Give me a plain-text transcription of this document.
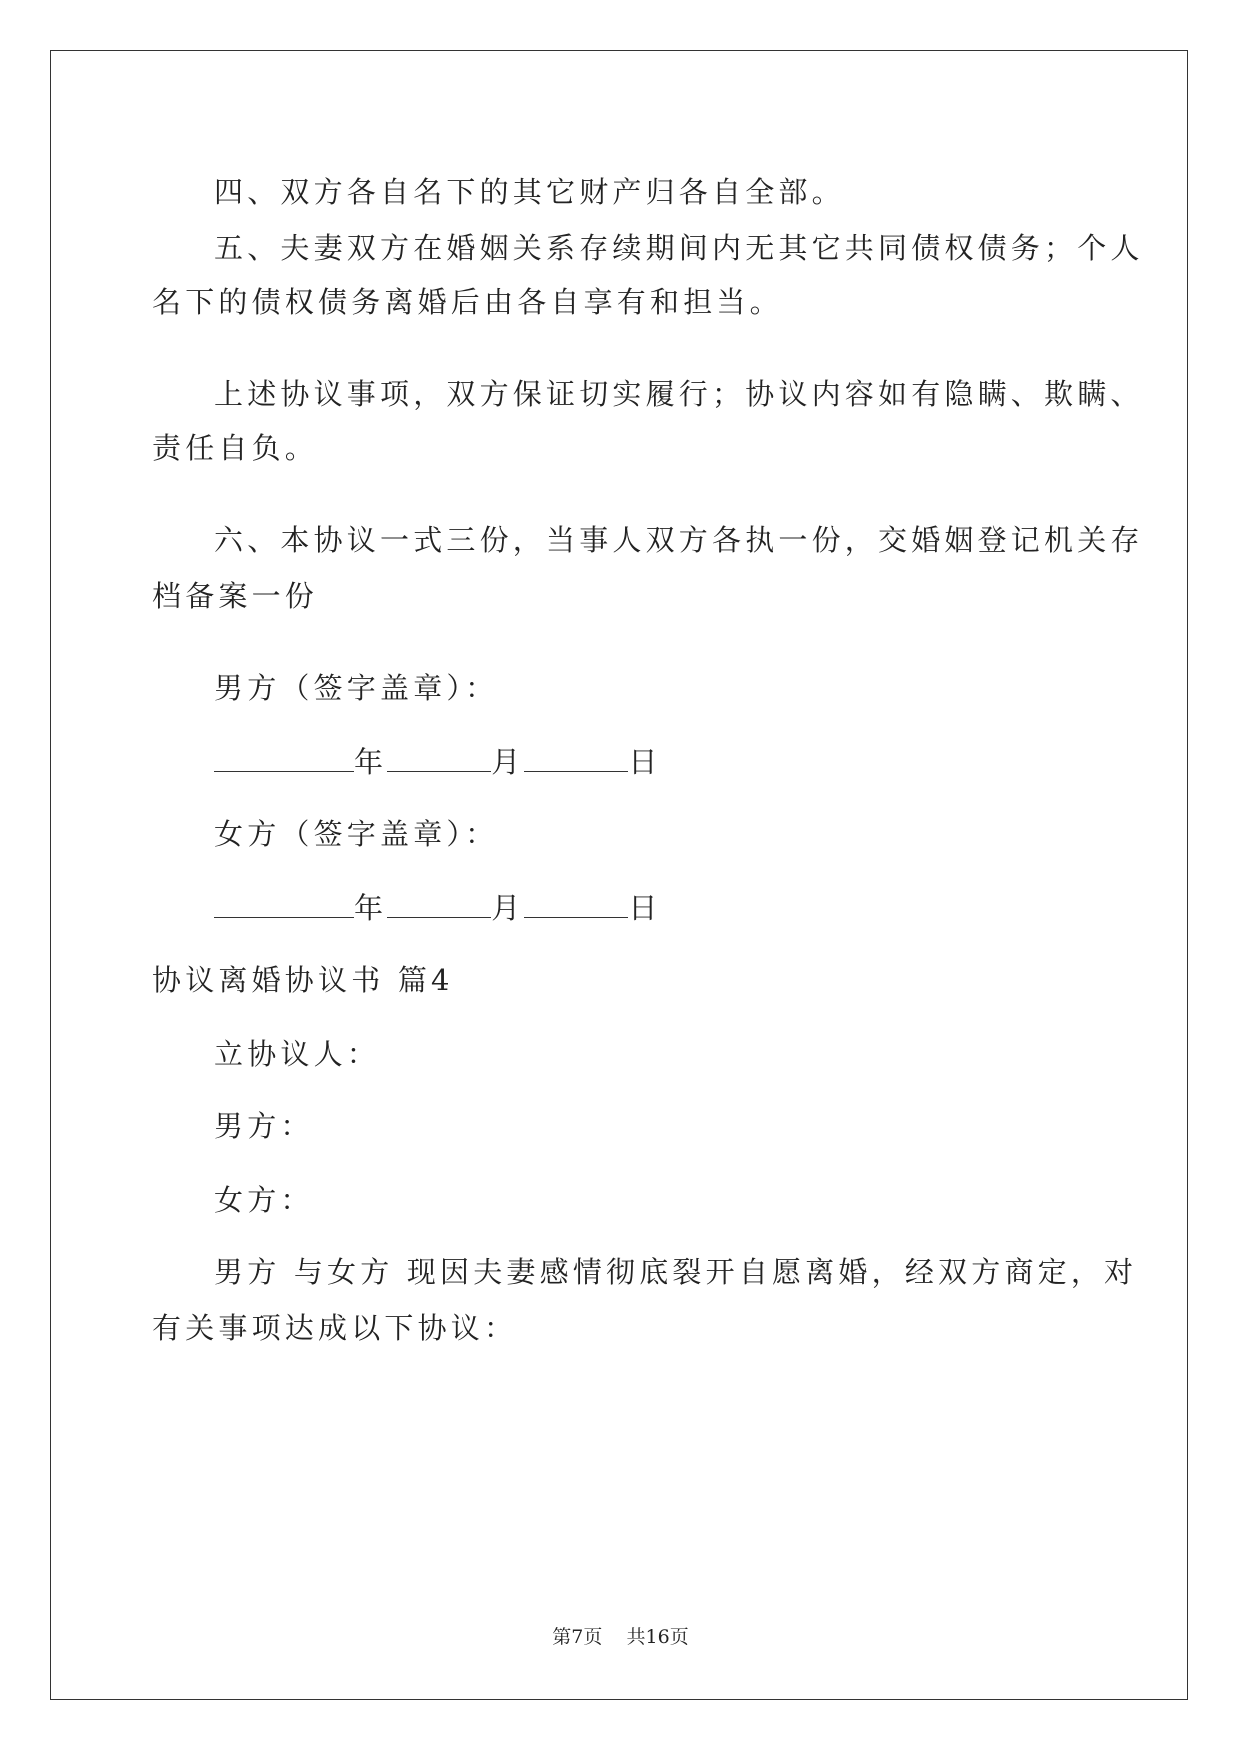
四、双方各自名下的其它财产归各自全部。
五、夫妻双方在婚姻关系存续期间内无其它共同债权债务；个人
名下的债权债务离婚后由各自享有和担当。
上述协议事项，双方保证切实履行；协议内容如有隐瞒、欺瞒、
责任自负。
六、本协议一式三份，当事人双方各执一份，交婚姻登记机关存
档备案一份
男方（签字盖章）：
年	月	日
女方（签字盖章）：
年	月	日
协议离婚协议书 篇4
立协议人：
男方：
女方：
男方 与女方 现因夫妻感情彻底裂开自愿离婚，经双方商定，对
有关事项达成以下协议：
第7页 共16页
